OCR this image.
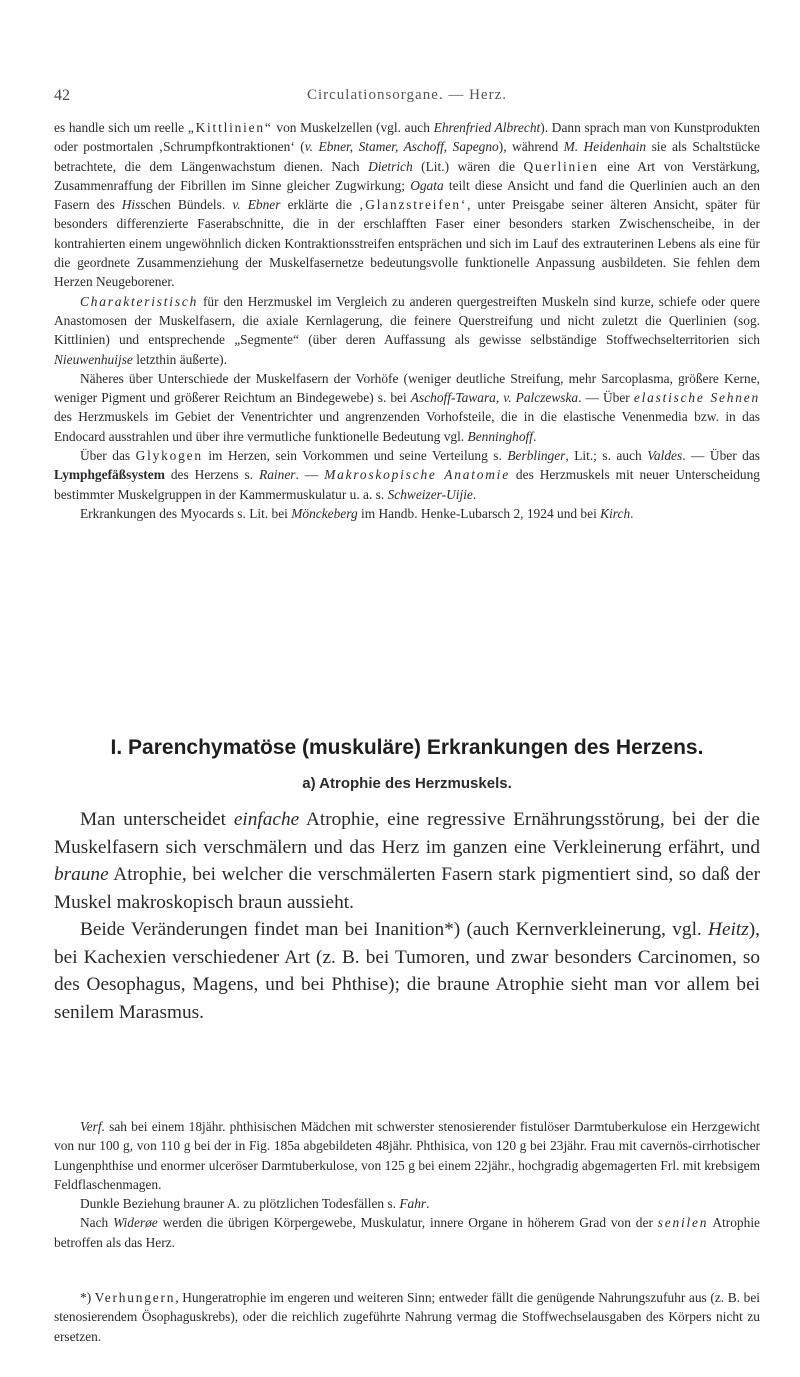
42	Circulationsorgane. — Herz.

es handle sich um reelle „Kittlinien“ von Muskelzellen (vgl. auch Ehrenfried Albrecht). Dann sprach man von Kunstprodukten oder postmortalen ‚Schrumpfkontraktionen‘ (v. Ebner, Stamer, Aschoff, Sapegno), während M. Heidenhain sie als Schaltstücke betrachtete, die dem Längenwachstum dienen. Nach Dietrich (Lit.) wären die Querlinien eine Art von Verstärkung, Zusammenraffung der Fibrillen im Sinne gleicher Zugwirkung; Ogata teilt diese Ansicht und fand die Querlinien auch an den Fasern des Hisschen Bündels. v. Ebner erklärte die ‚Glanzstreifen‘, unter Preisgabe seiner älteren Ansicht, später für besonders differenzierte Faserabschnitte, die in der erschlafften Faser einer besonders starken Zwischenscheibe, in der kontrahierten einem ungewöhnlich dicken Kontraktionsstreifen entsprächen und sich im Lauf des extrauterinen Lebens als eine für die geordnete Zusammenziehung der Muskelfasernetze bedeutungsvolle funktionelle Anpassung ausbildeten. Sie fehlen dem Herzen Neugeborener.

Charakteristisch für den Herzmuskel im Vergleich zu anderen quergestreiften Muskeln sind kurze, schiefe oder quere Anastomosen der Muskelfasern, die axiale Kernlagerung, die feinere Querstreifung und nicht zuletzt die Querlinien (sog. Kittlinien) und entsprechende „Segmente“ (über deren Auffassung als gewisse selbständige Stoffwechselterritorien sich Nieuwenhuijse letzthin äußerte).

Näheres über Unterschiede der Muskelfasern der Vorhöfe (weniger deutliche Streifung, mehr Sarcoplasma, größere Kerne, weniger Pigment und größerer Reichtum an Bindegewebe) s. bei Aschoff-Tawara, v. Palczewska. — Über elastische Sehnen des Herzmuskels im Gebiet der Venentrichter und angrenzenden Vorhofsteile, die in die elastische Venenmedia bzw. in das Endocard ausstrahlen und über ihre vermutliche funktionelle Bedeutung vgl. Benninghoff.

Über das Glykogen im Herzen, sein Vorkommen und seine Verteilung s. Berblinger, Lit.; s. auch Valdes. — Über das Lymphgefäßsystem des Herzens s. Rainer. — Makroskopische Anatomie des Herzmuskels mit neuer Unterscheidung bestimmter Muskelgruppen in der Kammermuskulatur u. a. s. Schweizer-Uijie.

Erkrankungen des Myocards s. Lit. bei Mönckeberg im Handb. Henke-Lubarsch 2, 1924 und bei Kirch.

I. Parenchymatöse (muskuläre) Erkrankungen des Herzens.
a) Atrophie des Herzmuskels.

Man unterscheidet einfache Atrophie, eine regressive Ernährungsstörung, bei der die Muskelfasern sich verschmälern und das Herz im ganzen eine Verkleinerung erfährt, und braune Atrophie, bei welcher die verschmälerten Fasern stark pigmentiert sind, so daß der Muskel makroskopisch braun aussieht.

Beide Veränderungen findet man bei Inanition*) (auch Kernverkleinerung, vgl. Heitz), bei Kachexien verschiedener Art (z. B. bei Tumoren, und zwar besonders Carcinomen, so des Oesophagus, Magens, und bei Phthise); die braune Atrophie sieht man vor allem bei senilem Marasmus.

Verf. sah bei einem 18jähr. phthisischen Mädchen mit schwerster stenosierender fistulöser Darmtuberkulose ein Herzgewicht von nur 100 g, von 110 g bei der in Fig. 185a abgebildeten 48jähr. Phthisica, von 120 g bei 23jähr. Frau mit cavernös-cirrhotischer Lungenphthise und enormer ulceröser Darmtuberkulose, von 125 g bei einem 22jähr., hochgradig abgemagerten Frl. mit krebsigem Feldflaschenmagen.

Dunkle Beziehung brauner A. zu plötzlichen Todesfällen s. Fahr.

Nach Widerøe werden die übrigen Körpergewebe, Muskulatur, innere Organe in höherem Grad von der senilen Atrophie betroffen als das Herz.

*) Verhungern, Hungeratrophie im engeren und weiteren Sinn; entweder fällt die genügende Nahrungszufuhr aus (z. B. bei stenosierendem Ösophaguskrebs), oder die reichlich zugeführte Nahrung vermag die Stoffwechselausgaben des Körpers nicht zu ersetzen.
